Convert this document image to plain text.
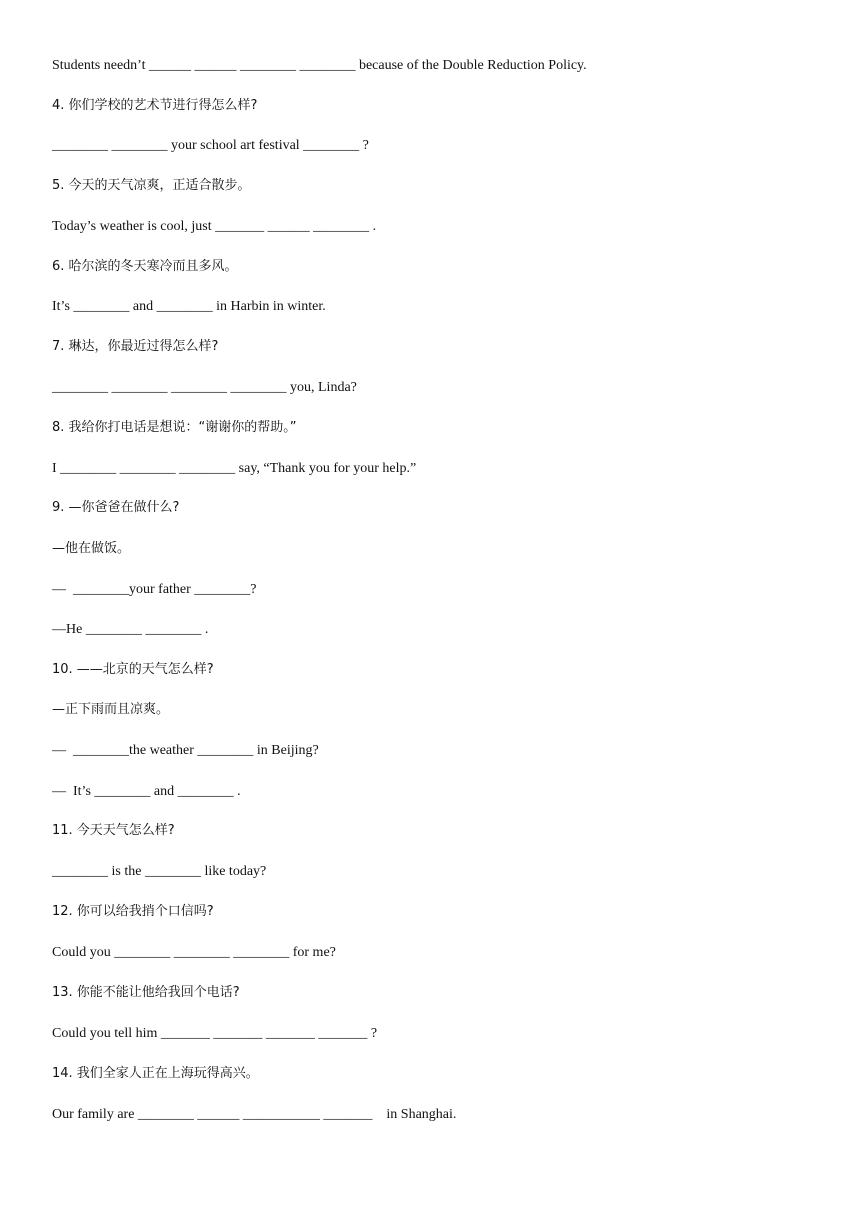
Students needn’t ______ ______ ________ ________ because of the Double Reduction Policy.
4. 你们学校的艺术节进行得怎么样?
________ ________ your school art festival ________ ?
5. 今天的天气凉爽，正适合散步。
Today’s weather is cool, just _______ ______ ________ .
6. 哈尔滨的冬天寒冷而且多风。
It’s ________ and ________ in Harbin in winter.
7. 琳达，你最近过得怎么样?
________ ________ ________ ________ you, Linda?
8. 我给你打电话是想说：“谢谢你的帮助。”
I ________ ________ ________ say, “Thank you for your help.”
9. —你爸爸在做什么?
—他在做饭。
—  ________your father ________?
—He ________ ________ .
10. ——北京的天气怎么样?
—正下雨而且凉爽。
—  ________the weather ________ in Beijing?
—  It’s ________ and ________ .
11. 今天天气怎么样?
________ is the ________ like today?
12. 你可以给我捎个口信吗?
Could you ________ ________ ________ for me?
13. 你能不能让他给我回个电话?
Could you tell him _______ _______ _______ _______ ?
14. 我们全家人正在上海玩得高兴。
Our family are ________ ______ ___________ _______    in Shanghai.
